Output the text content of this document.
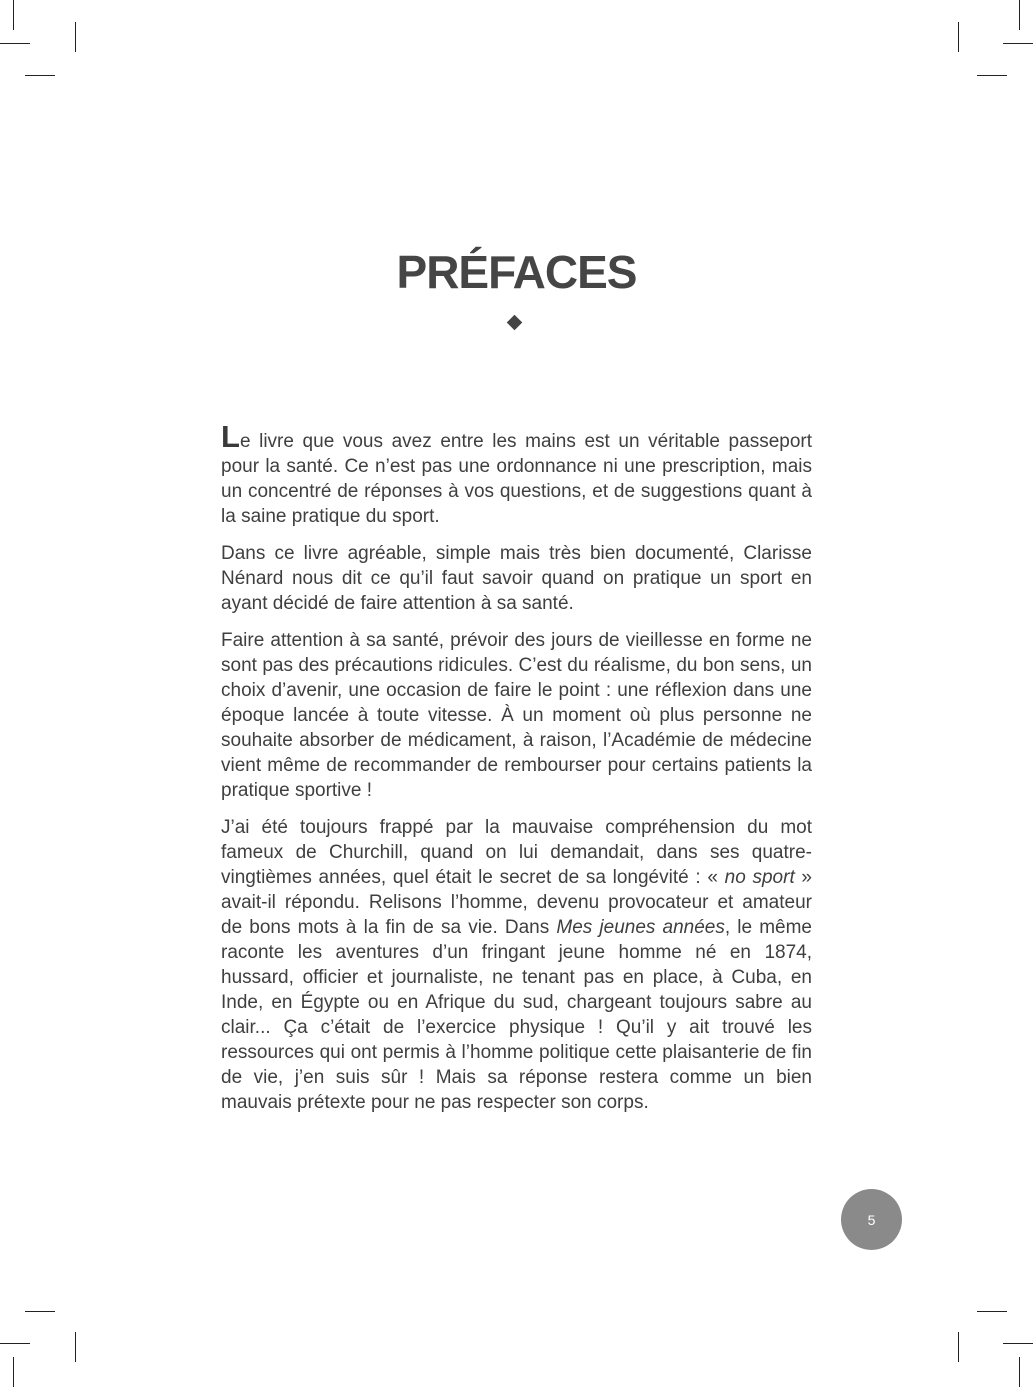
PRÉFACES

Le livre que vous avez entre les mains est un véritable passeport pour la santé. Ce n’est pas une ordonnance ni une prescription, mais un concentré de réponses à vos questions, et de suggestions quant à la saine pratique du sport.

Dans ce livre agréable, simple mais très bien documenté, Clarisse Nénard nous dit ce qu’il faut savoir quand on pratique un sport en ayant décidé de faire attention à sa santé.

Faire attention à sa santé, prévoir des jours de vieillesse en forme ne sont pas des précautions ridicules. C’est du réalisme, du bon sens, un choix d’avenir, une occasion de faire le point : une réflexion dans une époque lancée à toute vitesse. À un moment où plus personne ne souhaite absorber de médicament, à raison, l’Académie de médecine vient même de recommander de rembourser pour certains patients la pratique sportive !

J’ai été toujours frappé par la mauvaise compréhension du mot fameux de Churchill, quand on lui demandait, dans ses quatre-vingtièmes années, quel était le secret de sa longévité : « no sport » avait-il répondu. Relisons l’homme, devenu provocateur et amateur de bons mots à la fin de sa vie. Dans Mes jeunes années, le même raconte les aventures d’un fringant jeune homme né en 1874, hussard, officier et journaliste, ne tenant pas en place, à Cuba, en Inde, en Égypte ou en Afrique du sud, chargeant toujours sabre au clair... Ça c’était de l’exercice physique ! Qu’il y ait trouvé les ressources qui ont permis à l’homme politique cette plaisanterie de fin de vie, j’en suis sûr ! Mais sa réponse restera comme un bien mauvais prétexte pour ne pas respecter son corps.

5
